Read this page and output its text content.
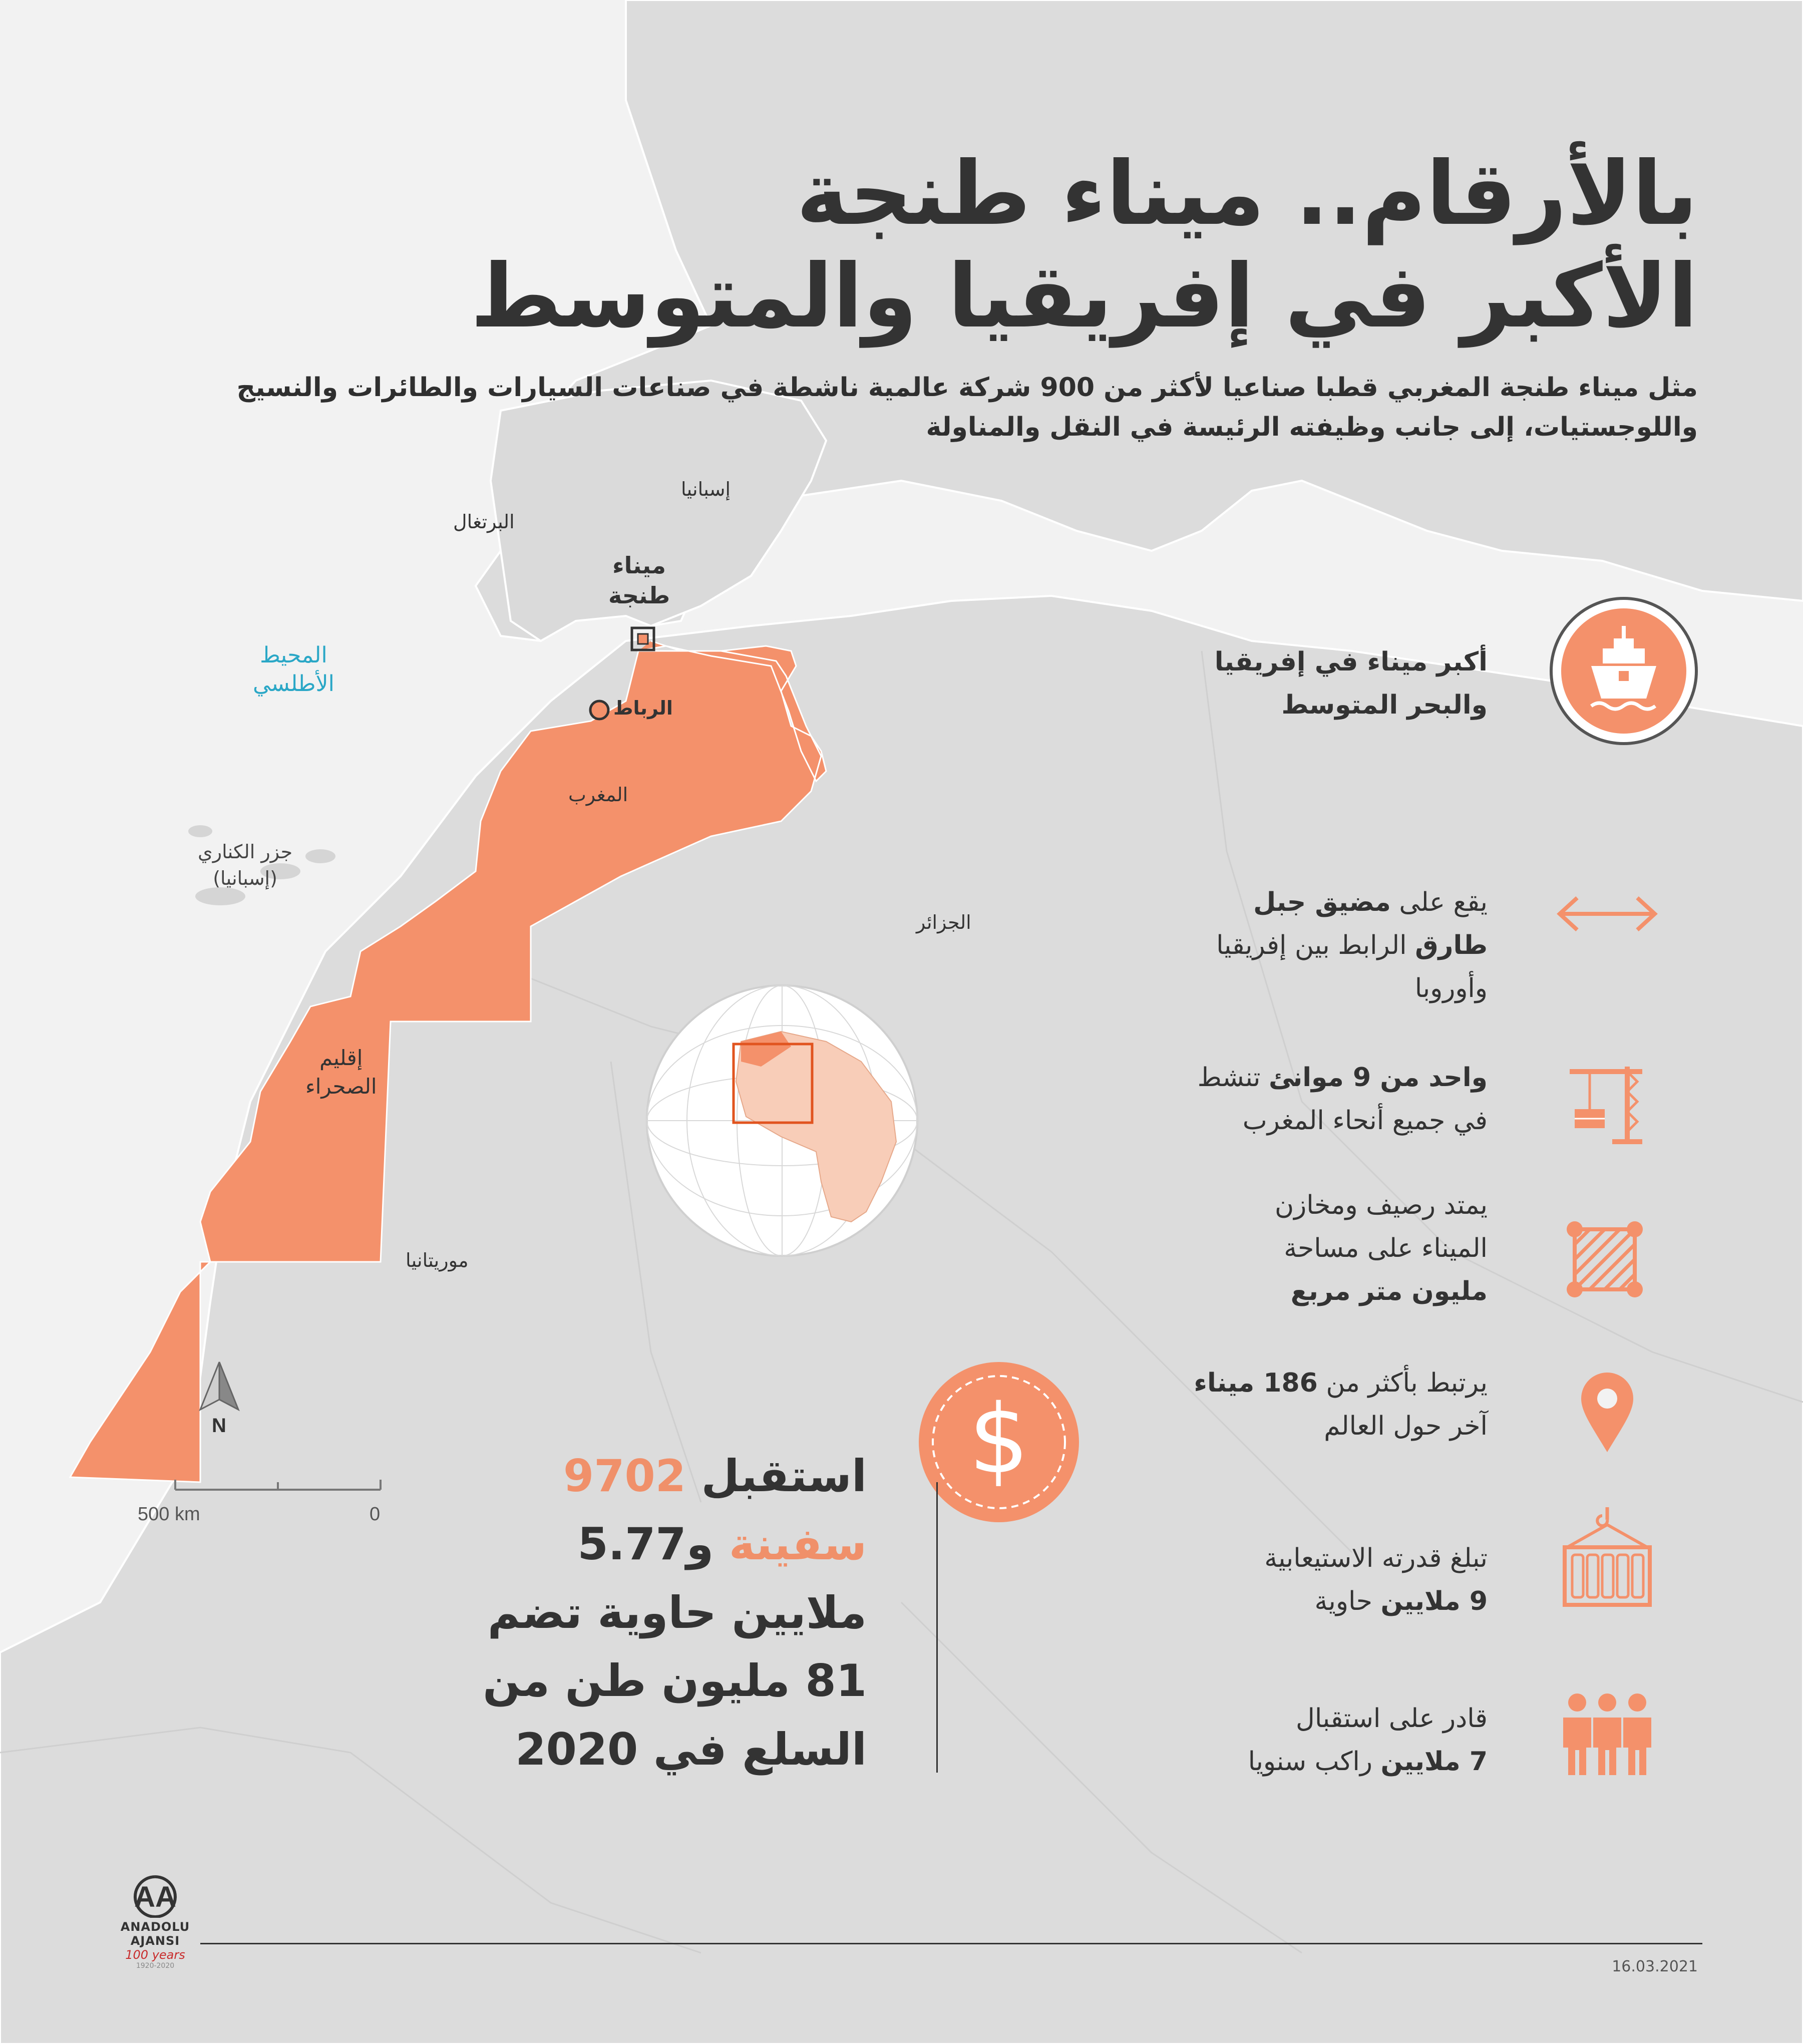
بالأرقام.. ميناء طنجة
الأكبر في إفريقيا والمتوسط
مثل ميناء طنجة المغربي قطبا صناعيا لأكثر من 900 شركة عالمية ناشطة في صناعات السيارات والطائرات والنسيج واللوجستيات، إلى جانب وظيفته الرئيسة في النقل والمناولة
إسبانيا
البرتغال
ميناء
طنجة
المحيط
الأطلسي
الرباط
المغرب
جزر الكناري
(إسبانيا)
الجزائر
إقليم
الصحراء
موريتانيا
N
500 km	0
أكبر ميناء في إفريقيا
والبحر المتوسط
يقع على مضيق جبل
طارق الرابط بين إفريقيا
وأوروبا
واحد من 9 موانئ تنشط
في جميع أنحاء المغرب
يمتد رصيف ومخازن
الميناء على مساحة
مليون متر مربع
يرتبط بأكثر من 186 ميناء
آخر حول العالم
تبلغ قدرته الاستيعابية
9 ملايين حاوية
قادر على استقبال
7 ملايين راكب سنويا
$
استقبل 9702
سفينة و5.77
ملايين حاوية تضم
81 مليون طن من
السلع في 2020
AA
ANADOLU AJANSI
100 years
1920-2020	16.03.2021
